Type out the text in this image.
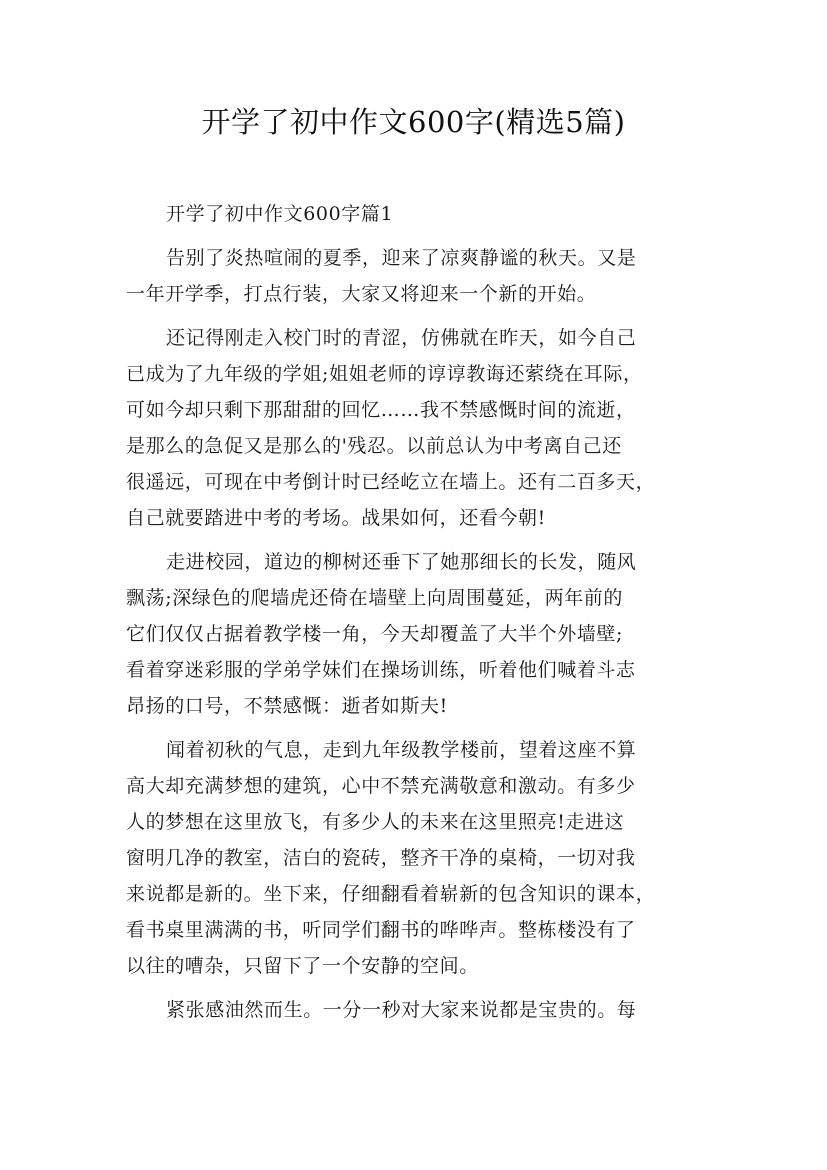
开学了初中作文600字(精选5篇)
开学了初中作文600字篇1
告别了炎热喧闹的夏季，迎来了凉爽静谧的秋天。又是
一年开学季，打点行装，大家又将迎来一个新的开始。
还记得刚走入校门时的青涩，仿佛就在昨天，如今自己
已成为了九年级的学姐;姐姐老师的谆谆教诲还萦绕在耳际，
可如今却只剩下那甜甜的回忆……我不禁感慨时间的流逝，
是那么的急促又是那么的'残忍。以前总认为中考离自己还
很遥远，可现在中考倒计时已经屹立在墙上。还有二百多天，
自己就要踏进中考的考场。战果如何，还看今朝!
走进校园，道边的柳树还垂下了她那细长的长发，随风
飘荡;深绿色的爬墙虎还倚在墙壁上向周围蔓延，两年前的
它们仅仅占据着教学楼一角，今天却覆盖了大半个外墙壁;
看着穿迷彩服的学弟学妹们在操场训练，听着他们喊着斗志
昂扬的口号，不禁感慨：逝者如斯夫!
闻着初秋的气息，走到九年级教学楼前，望着这座不算
高大却充满梦想的建筑，心中不禁充满敬意和激动。有多少
人的梦想在这里放飞，有多少人的未来在这里照亮!走进这
窗明几净的教室，洁白的瓷砖，整齐干净的桌椅，一切对我
来说都是新的。坐下来，仔细翻看着崭新的包含知识的课本，
看书桌里满满的书，听同学们翻书的哗哗声。整栋楼没有了
以往的嘈杂，只留下了一个安静的空间。
紧张感油然而生。一分一秒对大家来说都是宝贵的。每
